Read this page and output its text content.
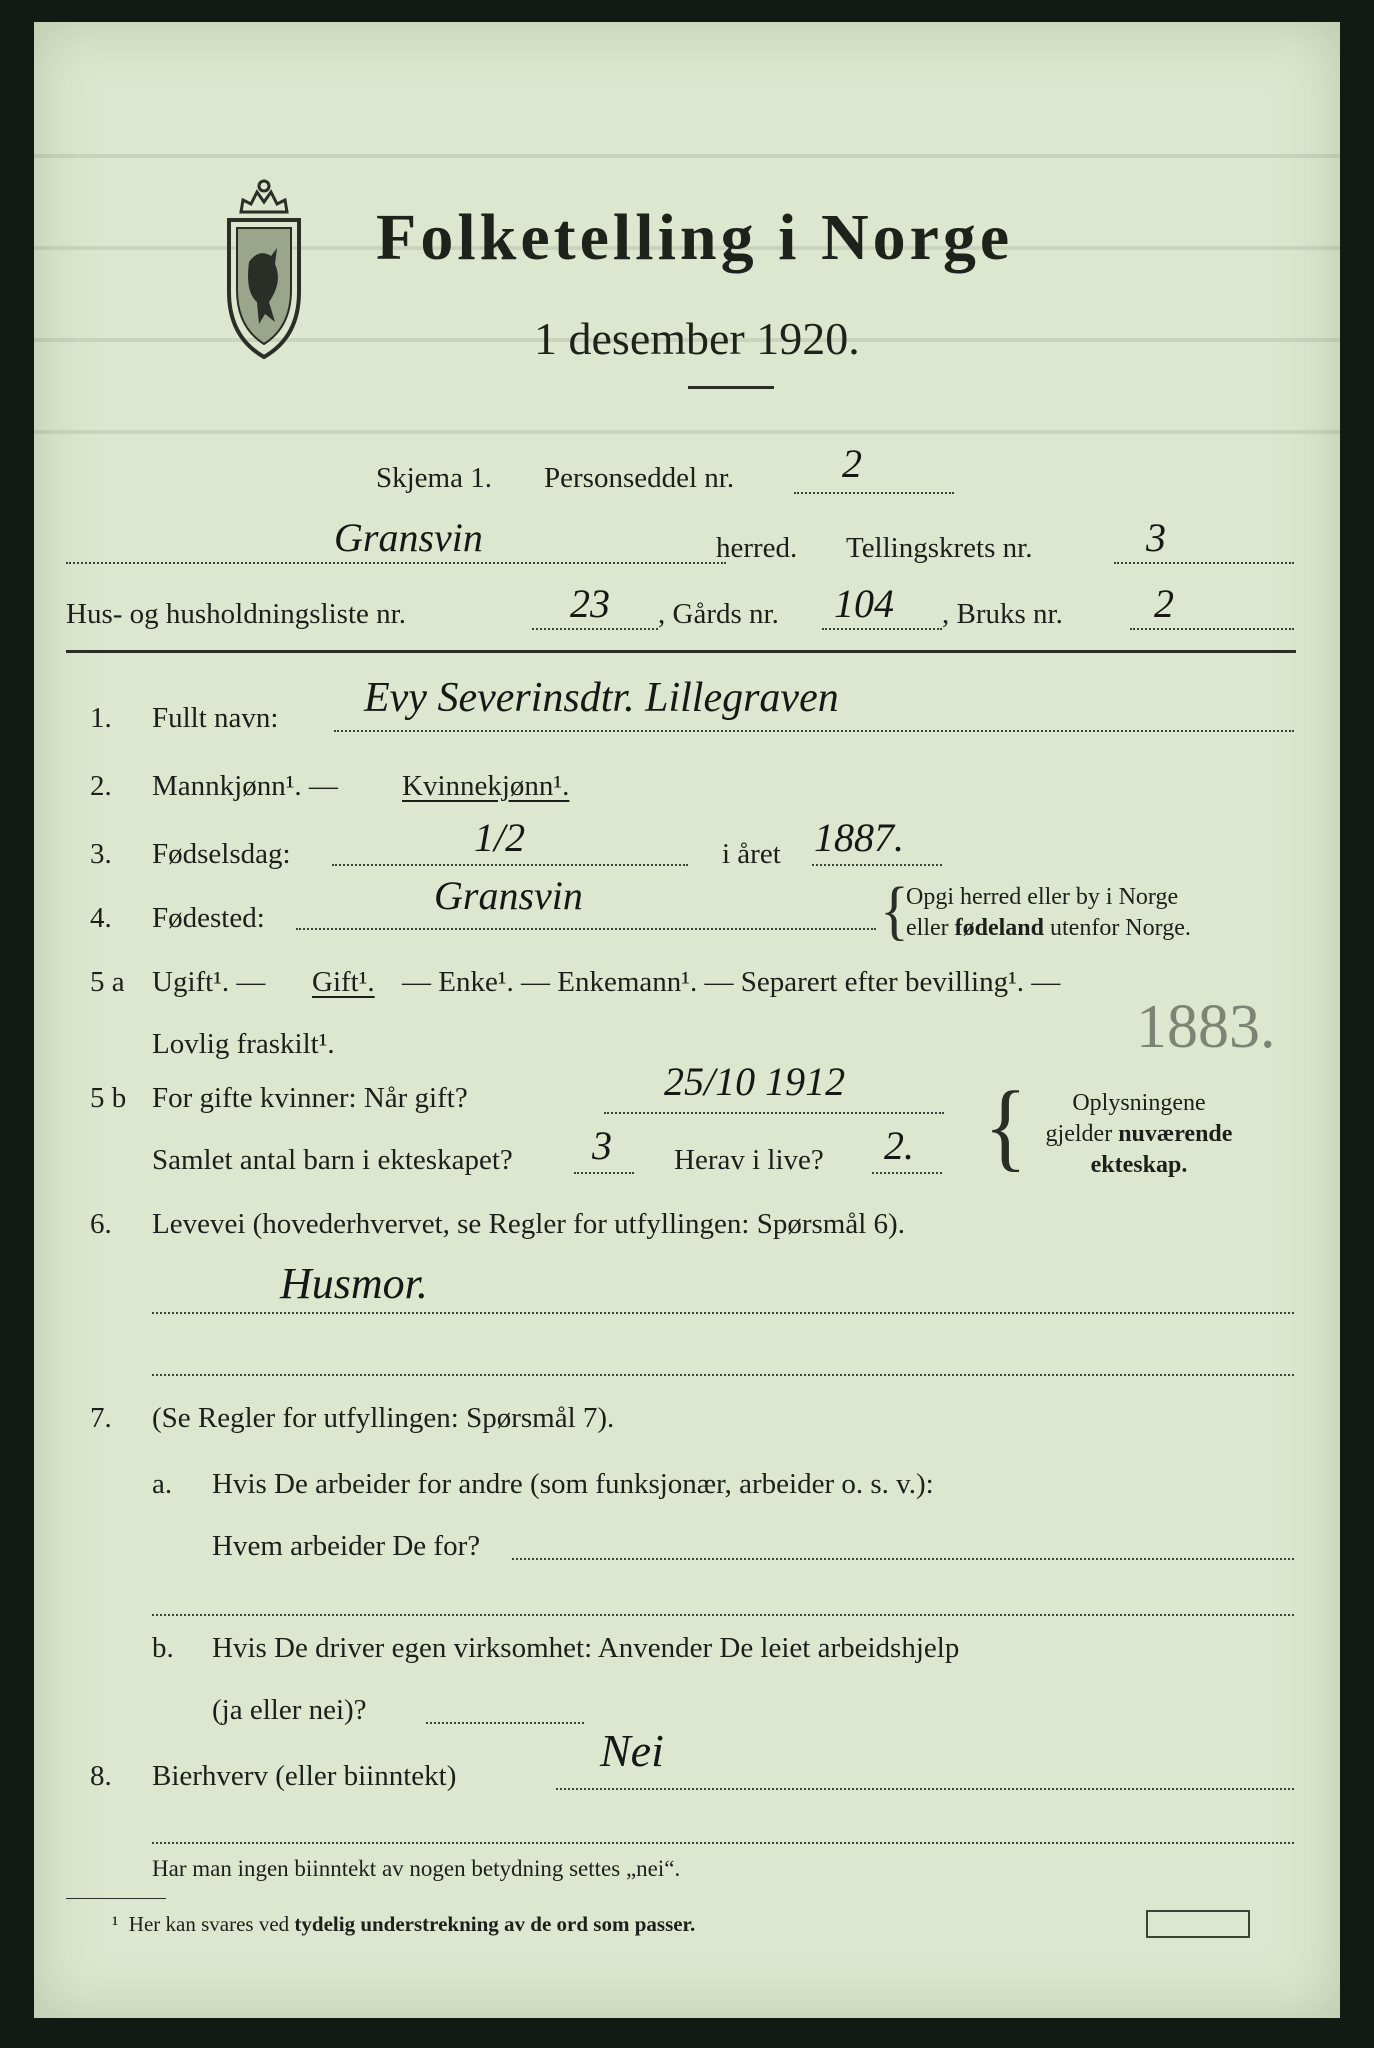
Folketelling i Norge
1 desember 1920.
Skjema 1. Personseddel nr.	2
Gransvin	herred. Tellingskrets nr.	3
Hus- og husholdningsliste nr.	23 , Gårds nr. 104 , Bruks nr. 2
1. Fullt navn: Evy Severinsdtr. Lillegraven
2. Mannkjønn¹. — Kvinnekjønn¹.
3. Fødselsdag:	1/2	i året 1887.
4. Fødested:	Gransvin	{
Opgi herred eller by i Norge
eller fødeland utenfor Norge.
5 a Ugift¹. — Gift¹. — Enke¹. — Enkemann¹. — Separert efter bevilling¹. —
Lovlig fraskilt¹.	1883.
5 b For gifte kvinner: Når gift?	25/10 1912
Samlet antal barn i ekteskapet? 3 Herav i live? 2. {	Oplysningene
gjelder nuværende
ekteskap.
6. Levevei (hovederhvervet, se Regler for utfyllingen: Spørsmål 6).
Husmor.
7. (Se Regler for utfyllingen: Spørsmål 7).
a. Hvis De arbeider for andre (som funksjonær, arbeider o. s. v.):
Hvem arbeider De for?
b. Hvis De driver egen virksomhet: Anvender De leiet arbeidshjelp
(ja eller nei)?
8. Bierhverv (eller biinntekt)	Nei
Har man ingen biinntekt av nogen betydning settes „nei“.
¹ Her kan svares ved tydelig understrekning av de ord som passer.
